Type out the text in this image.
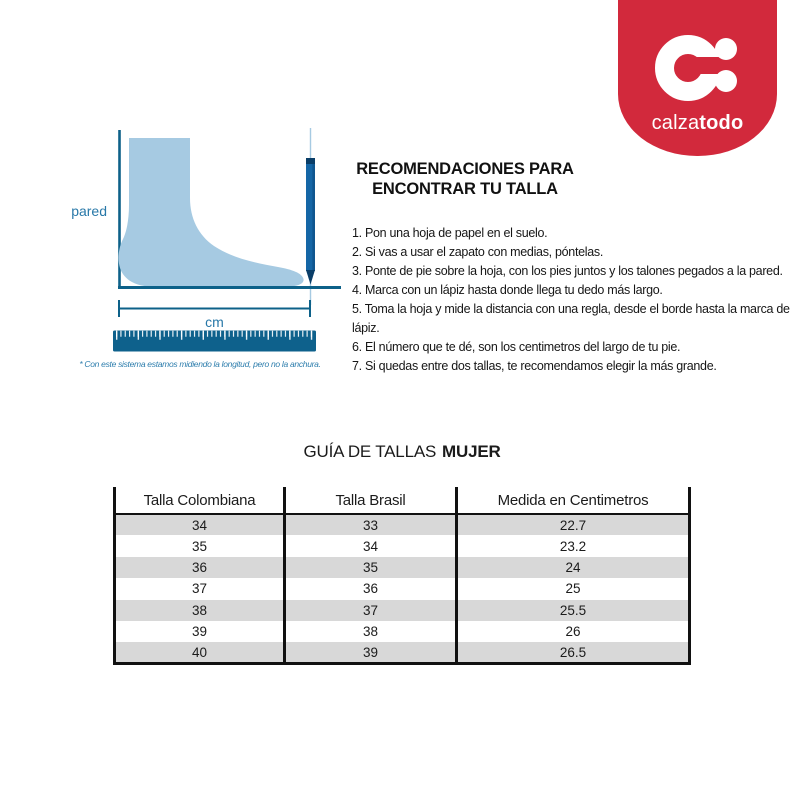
calzatodo
cm
pared
* Con este sistema estamos midiendo la longitud, pero no la anchura.
RECOMENDACIONES PARA
ENCONTRAR TU TALLA
1. Pon una hoja de papel en el suelo.
2. Si vas a usar el zapato con medias, póntelas.
3. Ponte de pie sobre la hoja, con los pies juntos y los talones pegados a la pared.
4. Marca con un lápiz hasta donde llega tu dedo más largo.
5. Toma la hoja y mide la distancia con una regla, desde el borde hasta la marca de lápiz.
6. El número que te dé, son los centimetros del largo de tu pie.
7. Si quedas entre dos tallas, te recomendamos elegir la más grande.
GUÍA DE TALLAS MUJER		
Talla Colombiana	Talla Brasil	Medida en Centimetros
34	33	22.7
35	34	23.2
36	35	24
37	36	25
38	37	25.5
39	38	26
40	39	26.5
